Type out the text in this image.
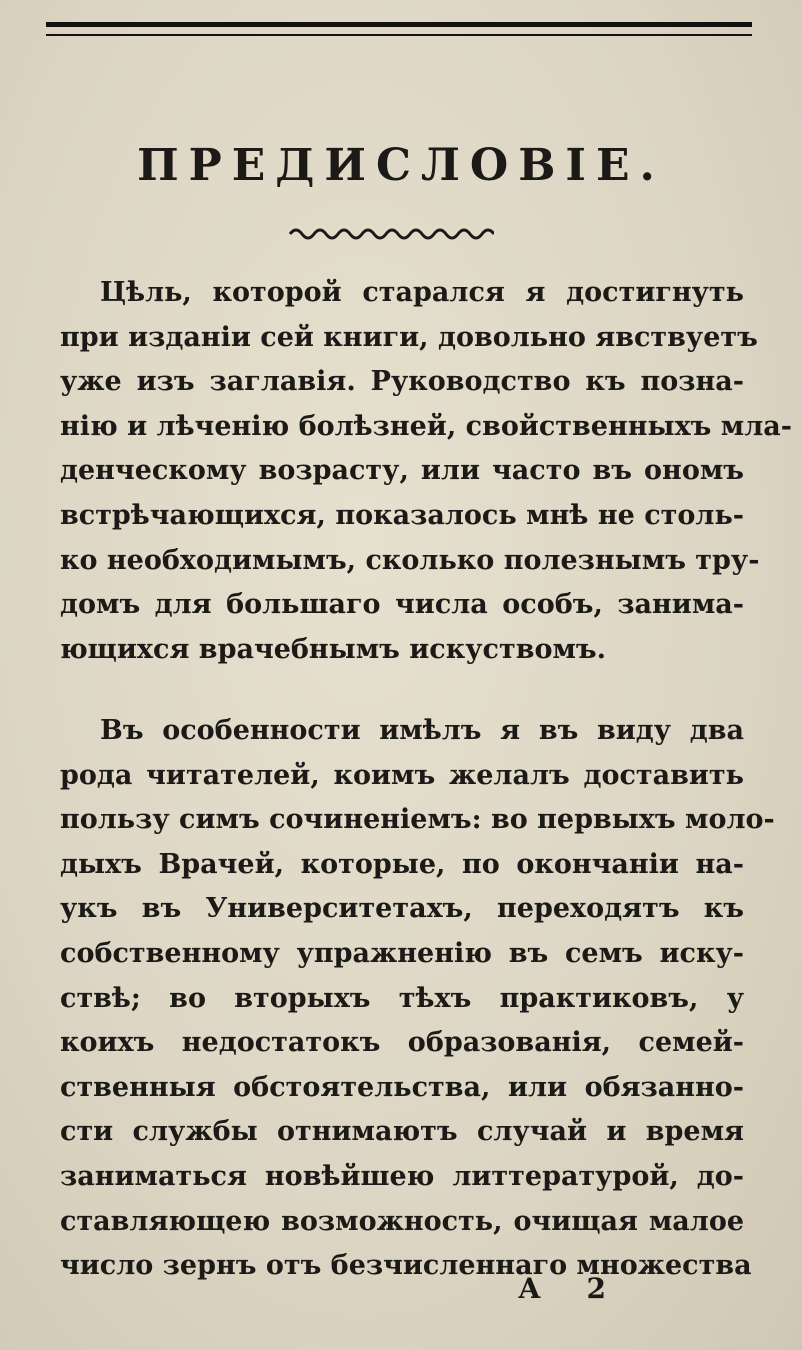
ПРЕДИСЛОВІЕ.
Цѣль, которой старался я достигнуть
при изданіи сей книги, довольно явствуетъ
уже изъ заглавія. Руководство къ позна-
нію и лѣченію болѣзней, свойственныхъ мла-
денческому возрасту, или часто въ ономъ
встрѣчающихся, показалось мнѣ не столь-
ко необходимымъ, сколько полезнымъ тру-
домъ для большаго числа особъ, занима-
ющихся врачебнымъ искуствомъ.
Въ особенности имѣлъ я въ виду два
рода читателей, коимъ желалъ доставить
пользу симъ сочиненіемъ: во первыхъ моло-
дыхъ Врачей, которые, по окончаніи на-
укъ въ Университетахъ, переходятъ къ
собственному упражненію въ семъ иску-
ствѣ; во вторыхъ тѣхъ практиковъ, у
коихъ недостатокъ образованія, семей-
ственныя обстоятельства, или обязанно-
сти службы отнимаютъ случай и время
заниматься новѣйшею литтературой, до-
ставляющею возможность, очищая малое
число зернъ отъ безчисленнаго множества
А 2
